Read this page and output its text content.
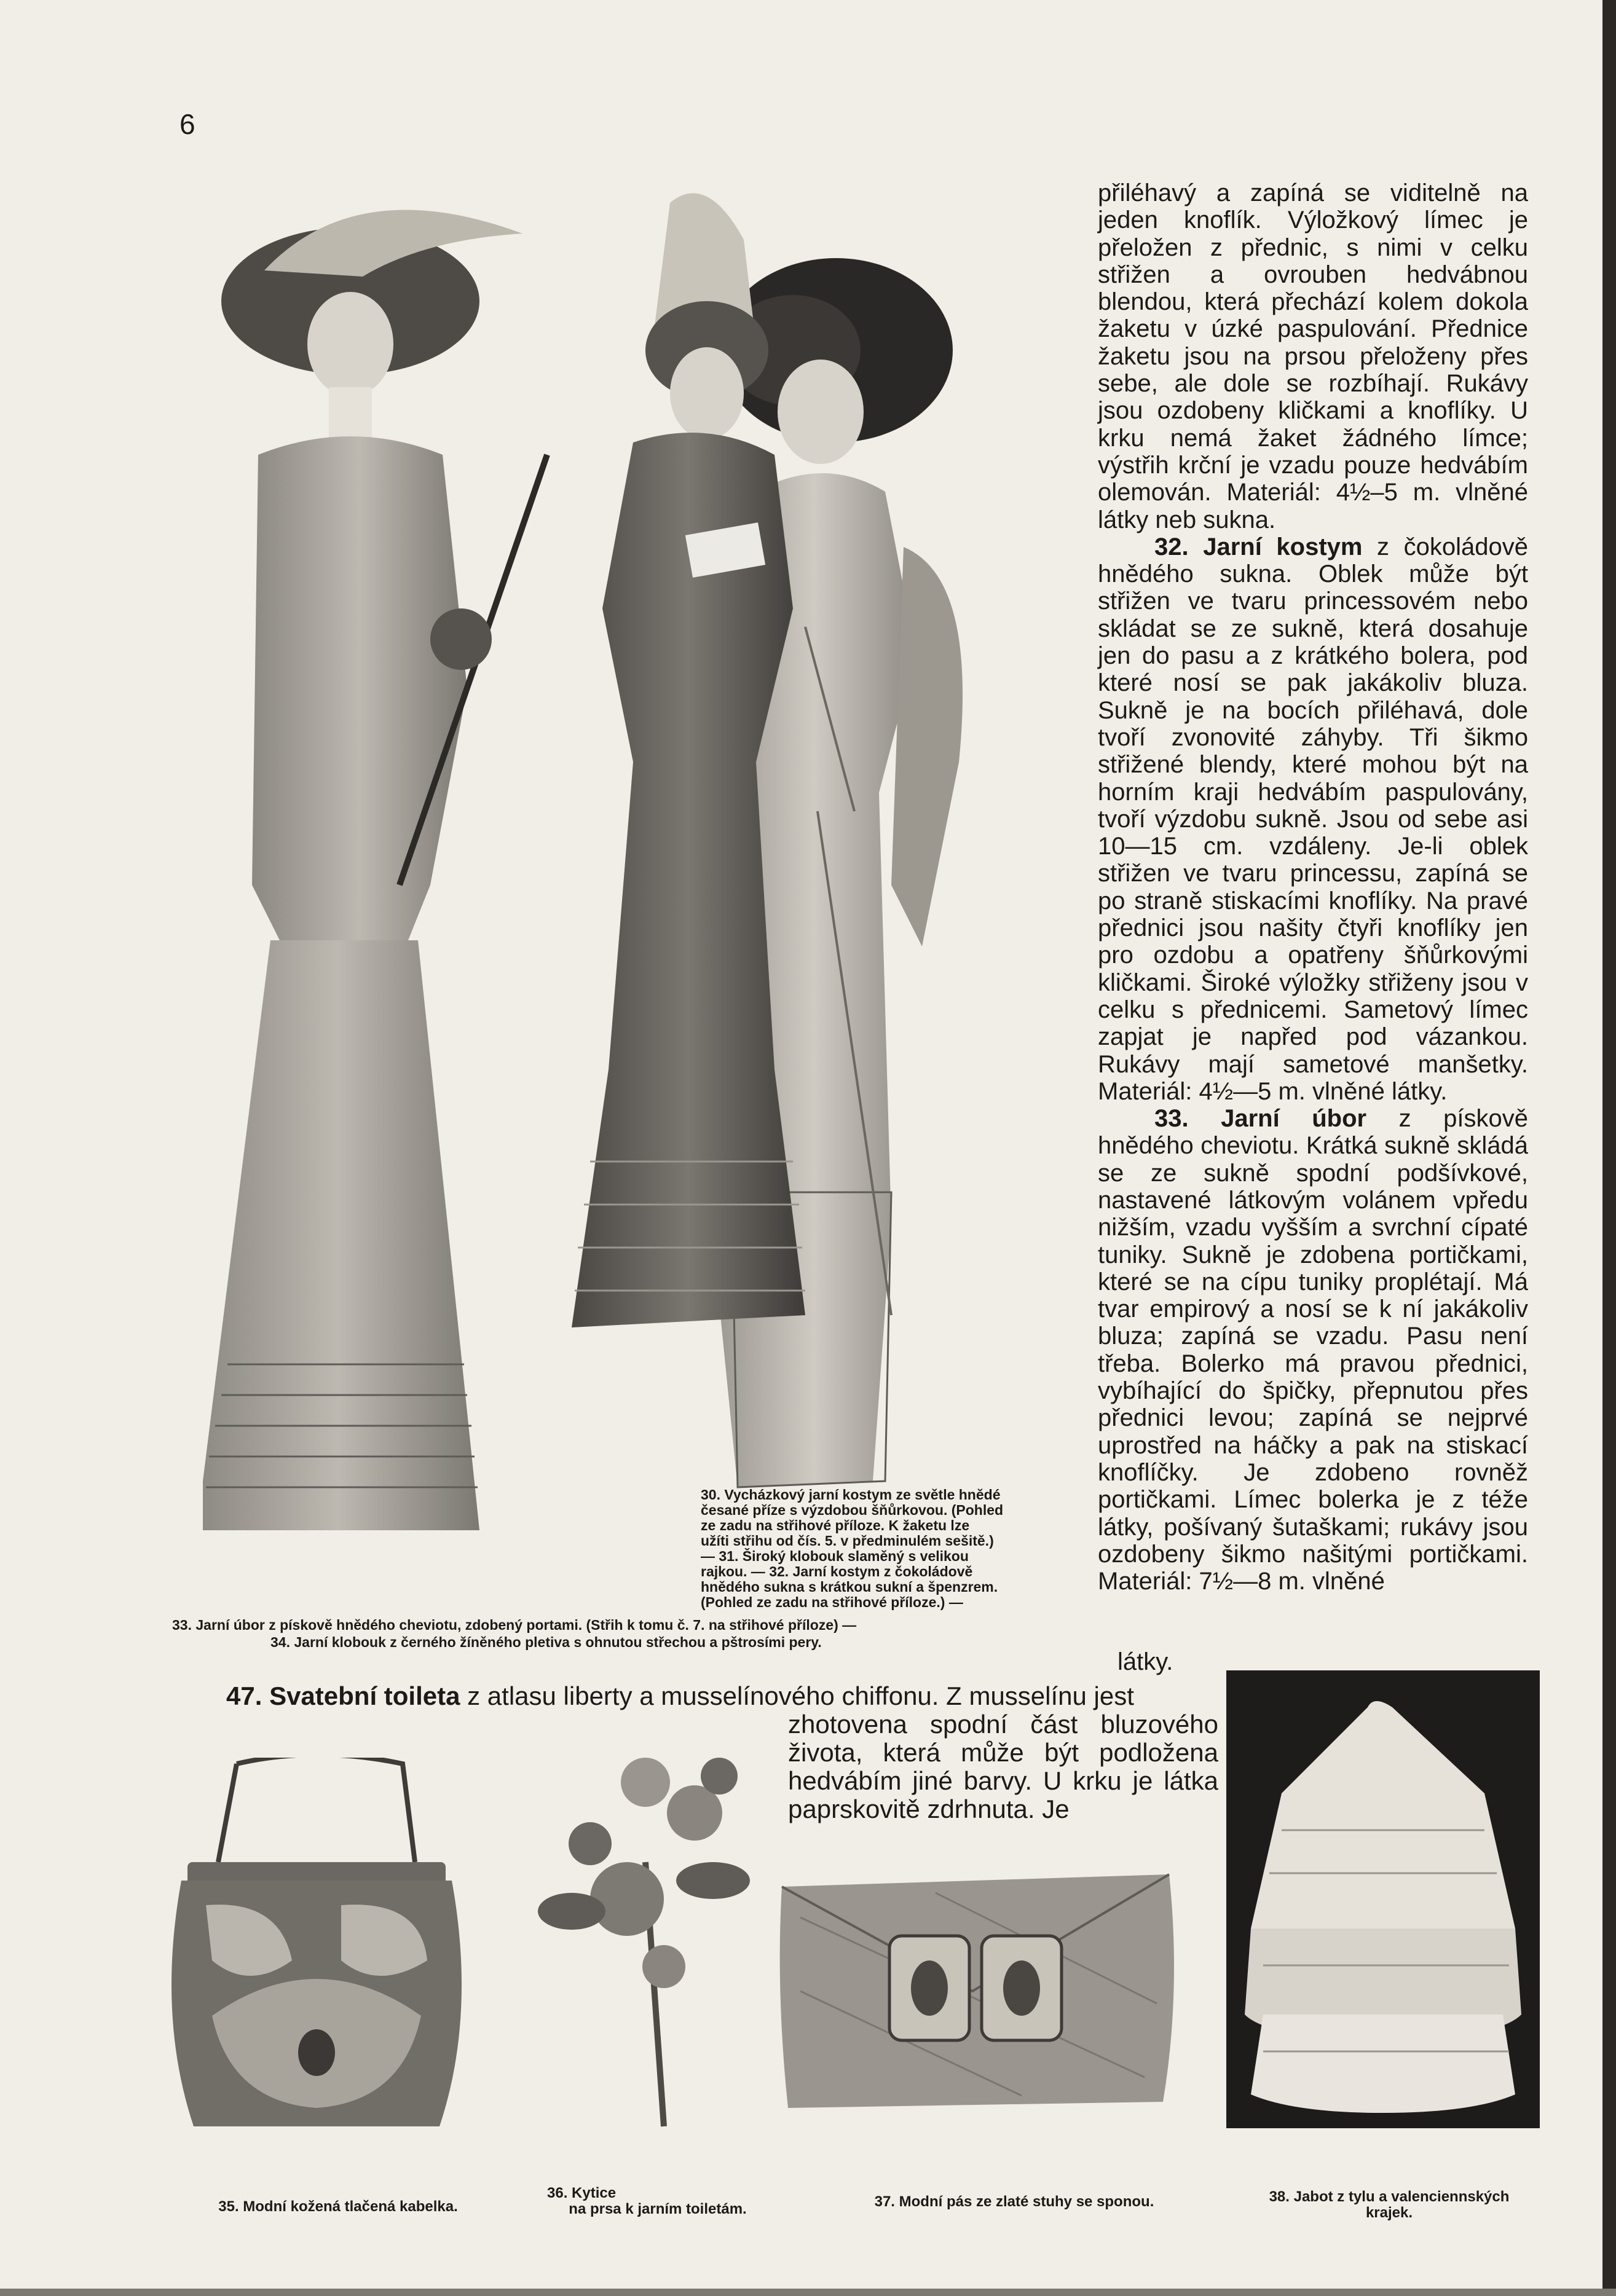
6

přiléhavý a zapíná se viditelně na jeden knoflík. Výložkový límec je přeložen z přednic, s nimi v celku střižen a ovrouben hedvábnou blendou, která přechází kolem dokola žaketu v úzké paspulování. Přednice žaketu jsou na prsou přeloženy přes sebe, ale dole se rozbíhají. Rukávy jsou ozdobeny kličkami a knoflíky. U krku nemá žaket žádného límce; výstřih krční je vzadu pouze hedvábím olemován. Materiál: 4½–5 m. vlněné látky neb sukna.

32. Jarní kostym z čokoládově hnědého sukna. Oblek může být střižen ve tvaru princessovém nebo skládat se ze sukně, která dosahuje jen do pasu a z krátkého bolera, pod které nosí se pak jakákoliv bluza. Sukně je na bocích přiléhavá, dole tvoří zvonovité záhyby. Tři šikmo střižené blendy, které mohou být na horním kraji hedvábím paspulovány, tvoří výzdobu sukně. Jsou od sebe asi 10—15 cm. vzdáleny. Je-li oblek střižen ve tvaru princessu, zapíná se po straně stiskacími knoflíky. Na pravé přednici jsou našity čtyři knoflíky jen pro ozdobu a opatřeny šňůrkovými kličkami. Široké výložky střiženy jsou v celku s přednicemi. Sametový límec zapjat je napřed pod vázankou. Rukávy mají sametové manšetky. Materiál: 4½—5 m. vlněné látky.

33. Jarní úbor z pískově hnědého cheviotu. Krátká sukně skládá se ze sukně spodní podšívkové, nastavené látkovým volánem vpředu nižším, vzadu vyšším a svrchní cípaté tuniky. Sukně je zdobena portičkami, které se na cípu tuniky proplétají. Má tvar empirový a nosí se k ní jakákoliv bluza; zapíná se vzadu. Pasu není třeba. Bolerko má pravou přednici, vybíhající do špičky, přepnutou přes přednici levou; zapíná se nejprvé uprostřed na háčky a pak na stiskací knoflíčky. Je zdobeno rovněž portičkami. Límec bolerka je z téže látky, pošívaný šutaškami; rukávy jsou ozdobeny šikmo našitými portičkami. Materiál: 7½—8 m. vlněné

látky.
30. Vycházkový jarní kostym ze světle hnědé
česané příze s výzdobou šňůrkovou. (Pohled
ze zadu na střihové příloze. K žaketu lze
užíti střihu od čís. 5. v předminulém sešitě.)
— 31. Široký klobouk slaměný s velikou
rajkou. — 32. Jarní kostym z čokoládově
hnědého sukna s krátkou sukní a špenzrem.
(Pohled ze zadu na střihové příloze.) —
33. Jarní úbor z pískově hnědého cheviotu, zdobený portami. (Střih k tomu č. 7. na střihové příloze) —
34. Jarní klobouk z černého žíněného pletiva s ohnutou střechou a pštrosími pery.
47. Svatební toileta z atlasu liberty a musselínového chiffonu. Z musselínu jest
zhotovena spodní část bluzového života, která může být podložena hedvábím jiné barvy. U krku je látka paprskovitě zdrhnuta. Je
35. Modní kožená tlačená kabelka.
36. Kytice
na prsa k jarním toiletám.	37. Modní pás ze zlaté stuhy se sponou.	38. Jabot z tylu a valenciennských
krajek.
